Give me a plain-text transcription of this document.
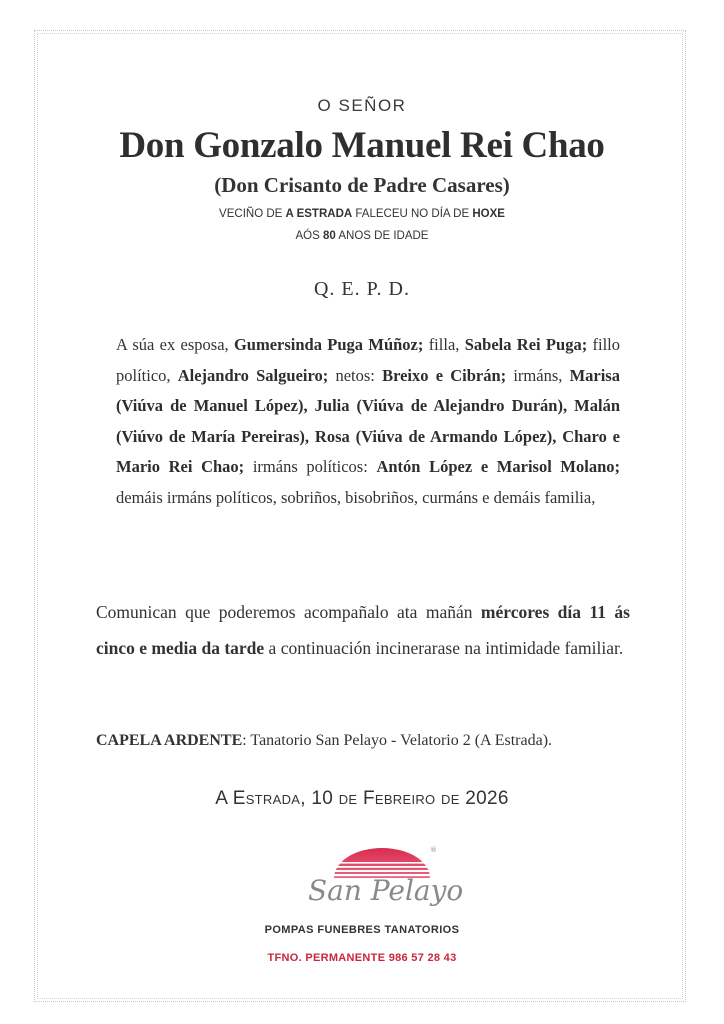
O SEÑOR
Don Gonzalo Manuel Rei Chao
(Don Crisanto de Padre Casares)
VECIÑO DE A ESTRADA FALECEU NO DÍA DE HOXE
AÓS 80 ANOS DE IDADE
Q. E. P. D.
A súa ex esposa, Gumersinda Puga Múñoz; filla, Sabela Rei Puga; fillo político, Alejandro Salgueiro; netos: Breixo e Cibrán; irmáns, Marisa (Viúva de Manuel López), Julia (Viúva de Alejandro Durán), Malán (Viúvo de María Pereiras), Rosa (Viúva de Armando López), Charo e Mario Rei Chao; irmáns políticos: Antón López e Marisol Molano; demáis irmáns políticos, sobriños, bisobriños, curmáns e demáis familia,
Comunican que poderemos acompañalo ata mañán mércores día 11 ás cinco e media da tarde a continuación incinerarase na intimidade familiar.
CAPELA ARDENTE: Tanatorio San Pelayo - Velatorio 2 (A Estrada).
A Estrada, 10 de Febreiro de 2026
San Pelayo
®
POMPAS FUNEBRES TANATORIOS
TFNO. PERMANENTE 986 57 28 43
